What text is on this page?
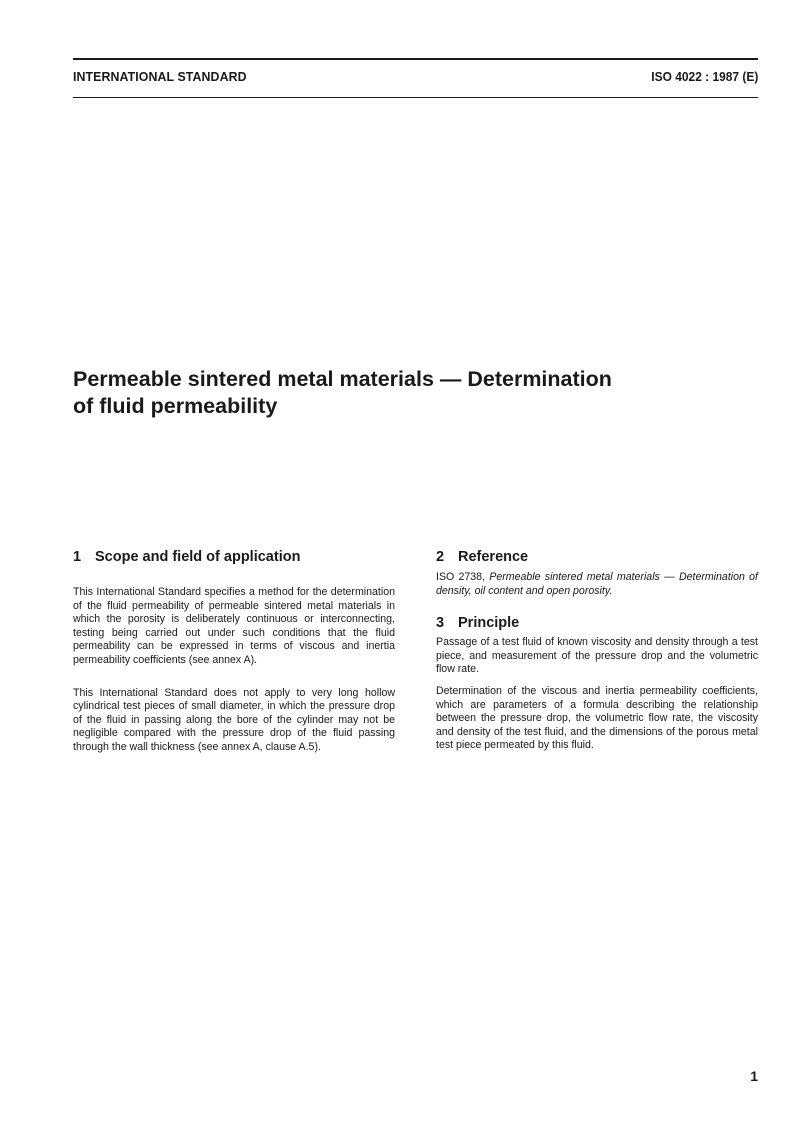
INTERNATIONAL STANDARD	ISO 4022 : 1987 (E)
Permeable sintered metal materials — Determination
of fluid permeability
1 Scope and field of application

This International Standard specifies a method for the determination of the fluid permeability of permeable sintered metal materials in which the porosity is deliberately continuous or interconnecting, testing being carried out under such conditions that the fluid permeability can be expressed in terms of viscous and inertia permeability coefficients (see annex A).

This International Standard does not apply to very long hollow cylindrical test pieces of small diameter, in which the pressure drop of the fluid in passing along the bore of the cylinder may not be negligible compared with the pressure drop of the fluid passing through the wall thickness (see annex A, clause A.5).

2 Reference

ISO 2738, Permeable sintered metal materials — Determination of density, oil content and open porosity.

3 Principle

Passage of a test fluid of known viscosity and density through a test piece, and measurement of the pressure drop and the volumetric flow rate.

Determination of the viscous and inertia permeability coefficients, which are parameters of a formula describing the relationship between the pressure drop, the volumetric flow rate, the viscosity and density of the test fluid, and the dimensions of the porous metal test piece permeated by this fluid.

1
